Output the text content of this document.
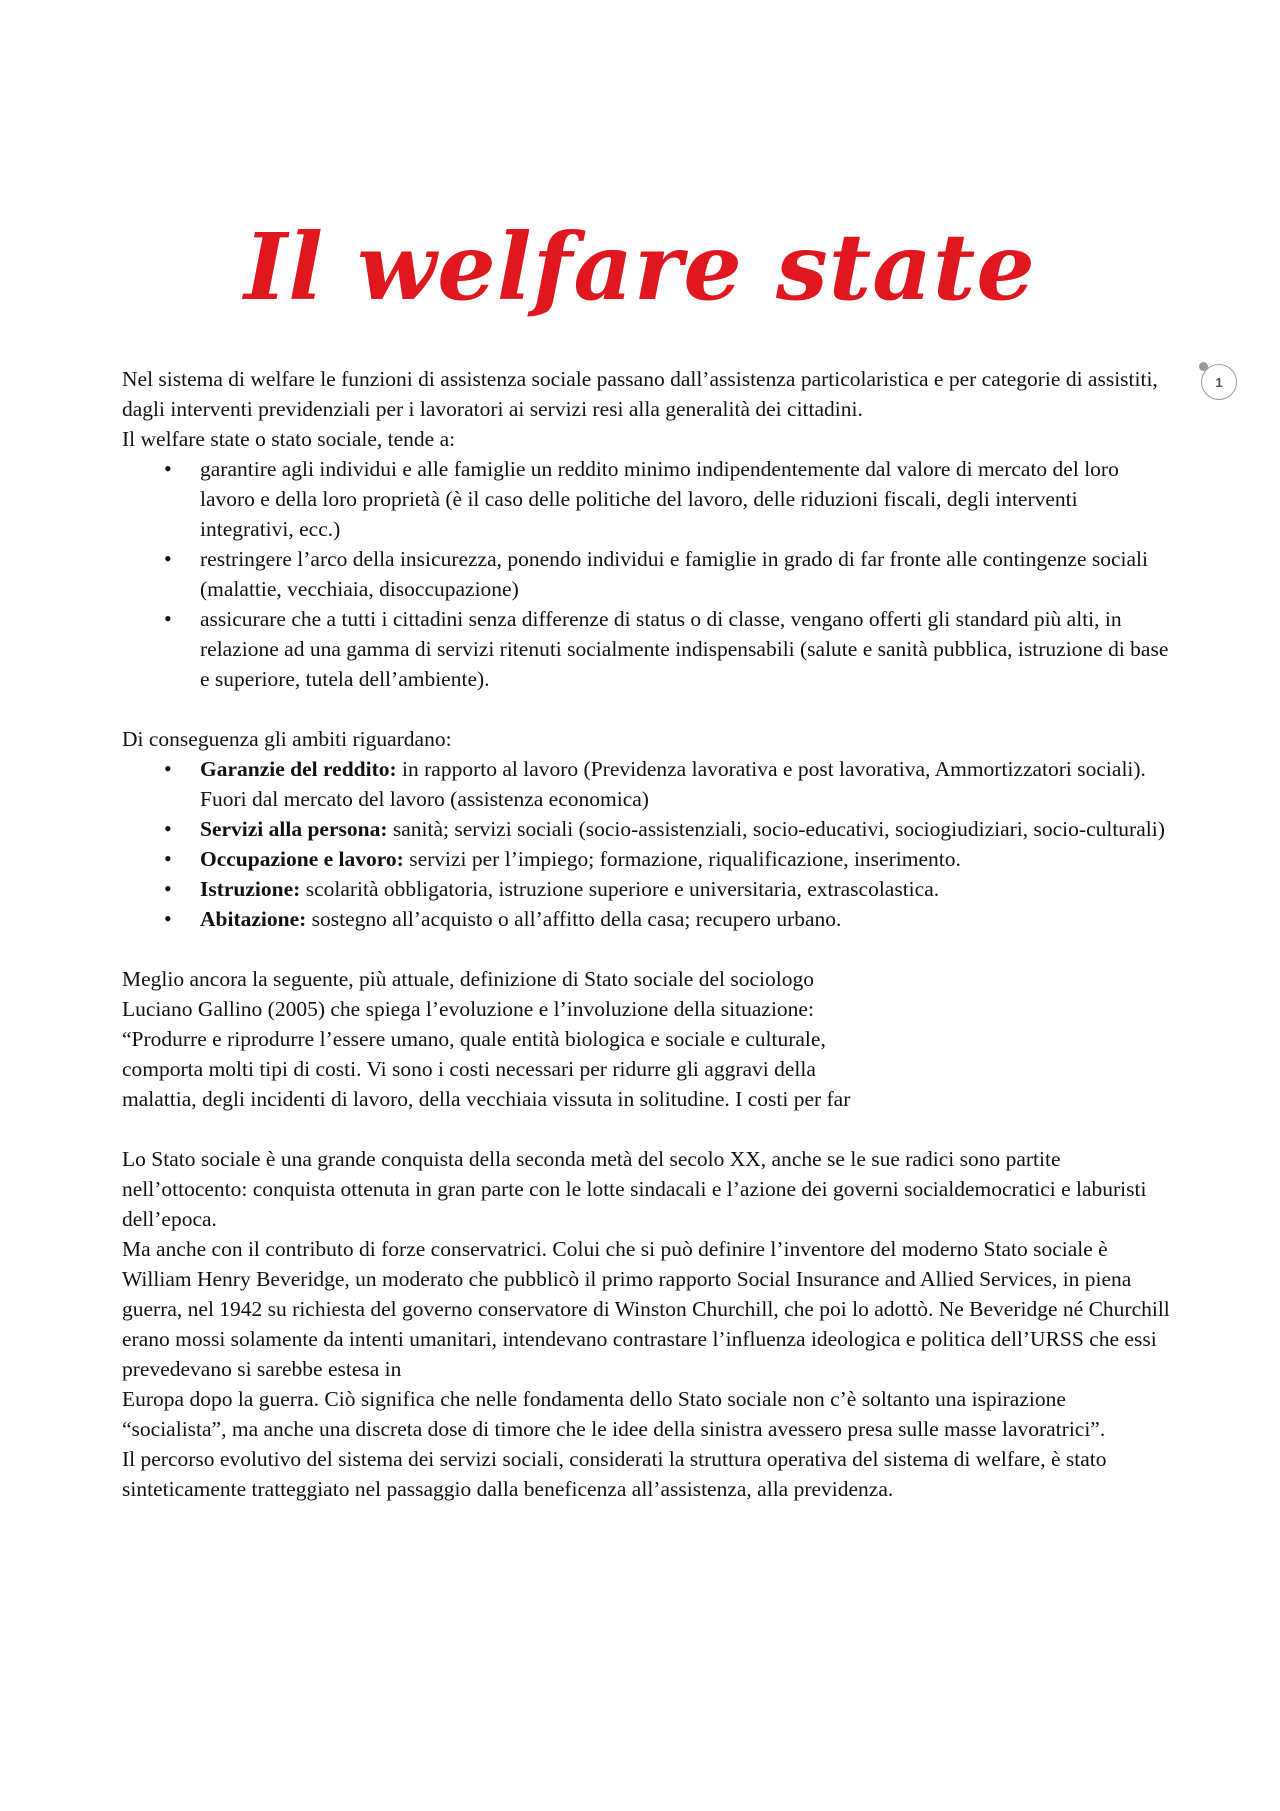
Il welfare state
1

Nel sistema di welfare le funzioni di assistenza sociale passano dall’assistenza particolaristica e per categorie di assistiti, dagli interventi previdenziali per i lavoratori ai servizi resi alla generalità dei cittadini.

Il welfare state o stato sociale, tende a:

• garantire agli individui e alle famiglie un reddito minimo indipendentemente dal valore di mercato del loro lavoro e della loro proprietà (è il caso delle politiche del lavoro, delle riduzioni fiscali, degli interventi integrativi, ecc.)
• restringere l’arco della insicurezza, ponendo individui e famiglie in grado di far fronte alle contingenze sociali (malattie, vecchiaia, disoccupazione)
• assicurare che a tutti i cittadini senza differenze di status o di classe, vengano offerti gli standard più alti, in relazione ad una gamma di servizi ritenuti socialmente indispensabili (salute e sanità pubblica, istruzione di base e superiore, tutela dell’ambiente).

Di conseguenza gli ambiti riguardano:

• Garanzie del reddito: in rapporto al lavoro (Previdenza lavorativa e post lavorativa, Ammortizzatori sociali). Fuori dal mercato del lavoro (assistenza economica)
• Servizi alla persona: sanità; servizi sociali (socio-assistenziali, socio-educativi, sociogiudiziari, socio-culturali)
• Occupazione e lavoro: servizi per l’impiego; formazione, riqualificazione, inserimento.
• Istruzione: scolarità obbligatoria, istruzione superiore e universitaria, extrascolastica.
• Abitazione: sostegno all’acquisto o all’affitto della casa; recupero urbano.

Meglio ancora la seguente, più attuale, definizione di Stato sociale del sociologo

Luciano Gallino (2005) che spiega l’evoluzione e l’involuzione della situazione:

“Produrre e riprodurre l’essere umano, quale entità biologica e sociale e culturale,

comporta molti tipi di costi. Vi sono i costi necessari per ridurre gli aggravi della

malattia, degli incidenti di lavoro, della vecchiaia vissuta in solitudine. I costi per far

Lo Stato sociale è una grande conquista della seconda metà del secolo XX, anche se le sue radici sono partite nell’ottocento: conquista ottenuta in gran parte con le lotte sindacali e l’azione dei governi socialdemocratici e laburisti dell’epoca.

Ma anche con il contributo di forze conservatrici. Colui che si può definire l’inventore del moderno Stato sociale è William Henry Beveridge, un moderato che pubblicò il primo rapporto Social Insurance and Allied Services, in piena guerra, nel 1942 su richiesta del governo conservatore di Winston Churchill, che poi lo adottò. Ne Beveridge né Churchill erano mossi solamente da intenti umanitari, intendevano contrastare l’influenza ideologica e politica dell’URSS che essi prevedevano si sarebbe estesa in

Europa dopo la guerra. Ciò significa che nelle fondamenta dello Stato sociale non c’è soltanto una ispirazione “socialista”, ma anche una discreta dose di timore che le idee della sinistra avessero presa sulle masse lavoratrici”.

Il percorso evolutivo del sistema dei servizi sociali, considerati la struttura operativa del sistema di welfare, è stato sinteticamente tratteggiato nel passaggio dalla beneficenza all’assistenza, alla previdenza.
